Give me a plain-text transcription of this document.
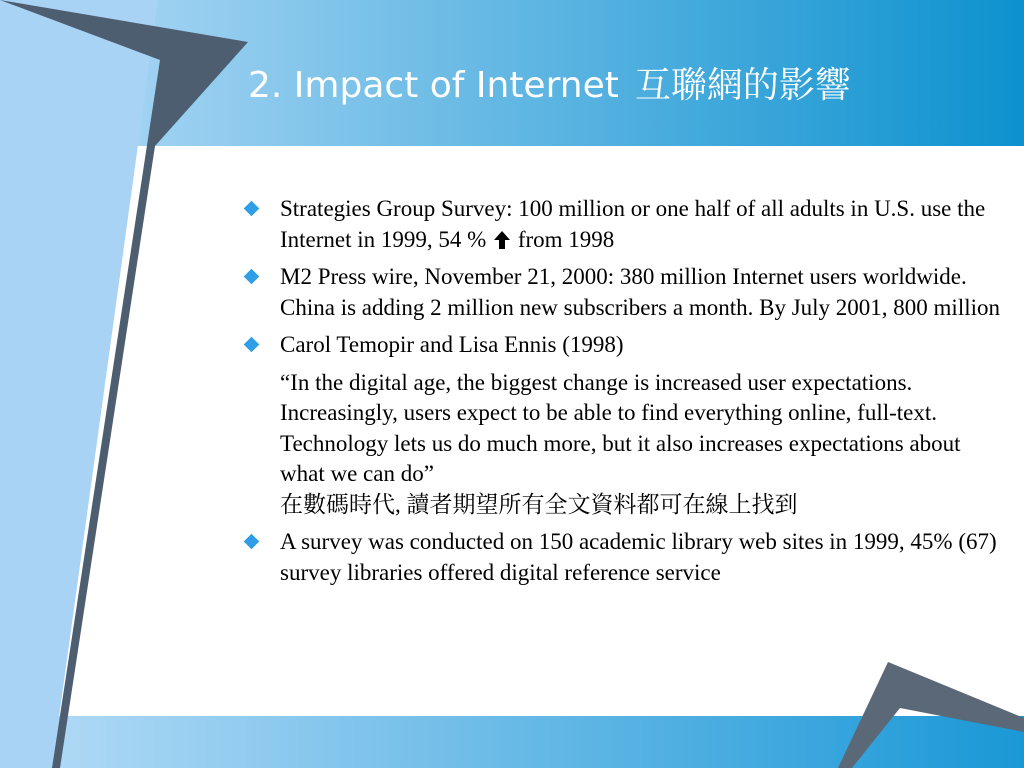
2. Impact of Internet 互聯網的影響
Strategies Group Survey: 100 million or one half of all adults in U.S. use the Internet in 1999, 54 % from 1998
M2 Press wire, November 21, 2000: 380 million Internet users worldwide. China is adding 2 million new subscribers a month. By July 2001, 800 million
Carol Temopir and Lisa Ennis (1998)
“In the digital age, the biggest change is increased user expectations. Increasingly, users expect to be able to find everything online, full-text. Technology lets us do much more, but it also increases expectations about what we can do”
在數碼時代, 讀者期望所有全文資料都可在線上找到
A survey was conducted on 150 academic library web sites in 1999, 45% (67) survey libraries offered digital reference service
